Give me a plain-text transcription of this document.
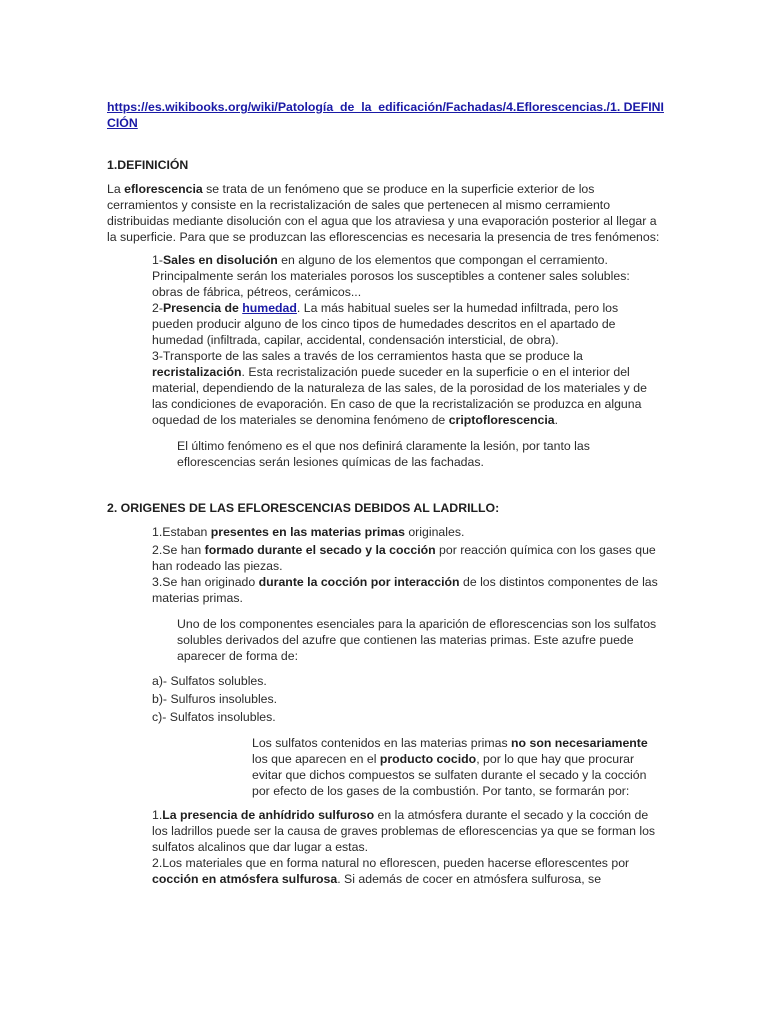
https://es.wikibooks.org/wiki/Patología_de_la_edificación/Fachadas/4.Eflorescencias./1. DEFINICIÓN
1.DEFINICIÓN

La eflorescencia se trata de un fenómeno que se produce en la superficie exterior de los cerramientos y consiste en la recristalización de sales que pertenecen al mismo cerramiento distribuidas mediante disolución con el agua que los atraviesa y una evaporación posterior al llegar a la superficie. Para que se produzcan las eflorescencias es necesaria la presencia de tres fenómenos:

1-Sales en disolución en alguno de los elementos que compongan el cerramiento. Principalmente serán los materiales porosos los susceptibles a contener sales solubles: obras de fábrica, pétreos, cerámicos...

2-Presencia de humedad. La más habitual sueles ser la humedad infiltrada, pero los pueden producir alguno de los cinco tipos de humedades descritos en el apartado de humedad (infiltrada, capilar, accidental, condensación intersticial, de obra).

3-Transporte de las sales a través de los cerramientos hasta que se produce la recristalización. Esta recristalización puede suceder en la superficie o en el interior del material, dependiendo de la naturaleza de las sales, de la porosidad de los materiales y de las condiciones de evaporación. En caso de que la recristalización se produzca en alguna oquedad de los materiales se denomina fenómeno de criptoflorescencia.

El último fenómeno es el que nos definirá claramente la lesión, por tanto las eflorescencias serán lesiones químicas de las fachadas.

2. ORIGENES DE LAS EFLORESCENCIAS DEBIDOS AL LADRILLO:

1.Estaban presentes en las materias primas originales.

2.Se han formado durante el secado y la cocción por reacción química con los gases que han rodeado las piezas.

3.Se han originado durante la cocción por interacción de los distintos componentes de las materias primas.

Uno de los componentes esenciales para la aparición de eflorescencias son los sulfatos solubles derivados del azufre que contienen las materias primas. Este azufre puede aparecer de forma de:

a)- Sulfatos solubles.

b)- Sulfuros insolubles.

c)- Sulfatos insolubles.

Los sulfatos contenidos en las materias primas no son necesariamente los que aparecen en el producto cocido, por lo que hay que procurar evitar que dichos compuestos se sulfaten durante el secado y la cocción por efecto de los gases de la combustión. Por tanto, se formarán por:

1.La presencia de anhídrido sulfuroso en la atmósfera durante el secado y la cocción de los ladrillos puede ser la causa de graves problemas de eflorescencias ya que se forman los sulfatos alcalinos que dar lugar a estas.

2.Los materiales que en forma natural no eflorescen, pueden hacerse eflorescentes por cocción en atmósfera sulfurosa. Si además de cocer en atmósfera sulfurosa, se
